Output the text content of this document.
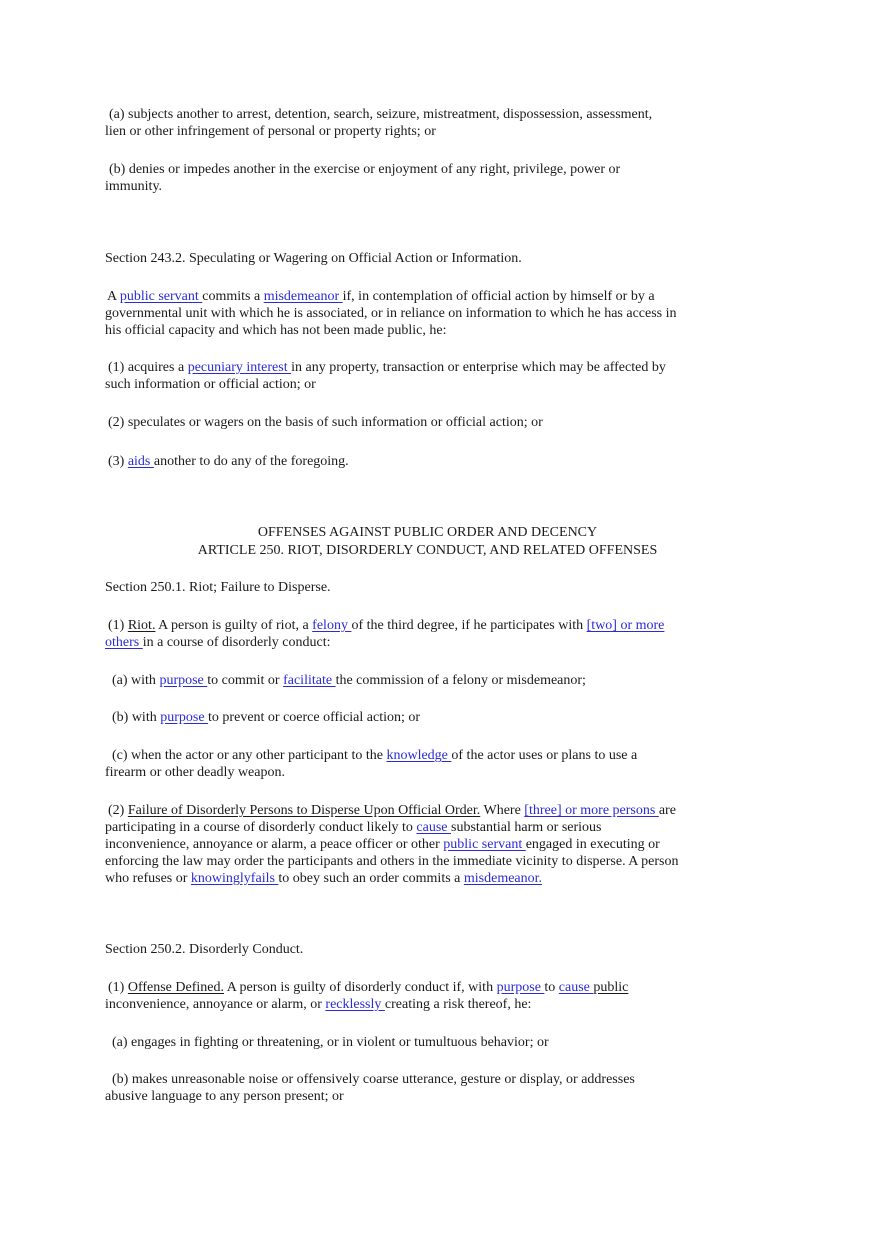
(a) subjects another to arrest, detention, search, seizure, mistreatment, dispossession, assessment,
lien or other infringement of personal or property rights; or
(b) denies or impedes another in the exercise or enjoyment of any right, privilege, power or
immunity.
Section 243.2. Speculating or Wagering on Official Action or Information.
A public servant commits a misdemeanor if, in contemplation of official action by himself or by a
governmental unit with which he is associated, or in reliance on information to which he has access in
his official capacity and which has not been made public, he:
(1) acquires a pecuniary interest in any property, transaction or enterprise which may be affected by
such information or official action; or
(2) speculates or wagers on the basis of such information or official action; or
(3) aids another to do any of the foregoing.
OFFENSES AGAINST PUBLIC ORDER AND DECENCY
ARTICLE 250. RIOT, DISORDERLY CONDUCT, AND RELATED OFFENSES
Section 250.1. Riot; Failure to Disperse.
(1) Riot. A person is guilty of riot, a felony of the third degree, if he participates with [two] or more
others in a course of disorderly conduct:
(a) with purpose to commit or facilitate the commission of a felony or misdemeanor;
(b) with purpose to prevent or coerce official action; or
(c) when the actor or any other participant to the knowledge of the actor uses or plans to use a
firearm or other deadly weapon.
(2) Failure of Disorderly Persons to Disperse Upon Official Order. Where [three] or more persons are
participating in a course of disorderly conduct likely to cause substantial harm or serious
inconvenience, annoyance or alarm, a peace officer or other public servant engaged in executing or
enforcing the law may order the participants and others in the immediate vicinity to disperse. A person
who refuses or knowinglyfails to obey such an order commits a misdemeanor.
Section 250.2. Disorderly Conduct.
(1) Offense Defined. A person is guilty of disorderly conduct if, with purpose to cause public
inconvenience, annoyance or alarm, or recklessly creating a risk thereof, he:
(a) engages in fighting or threatening, or in violent or tumultuous behavior; or
(b) makes unreasonable noise or offensively coarse utterance, gesture or display, or addresses
abusive language to any person present; or
